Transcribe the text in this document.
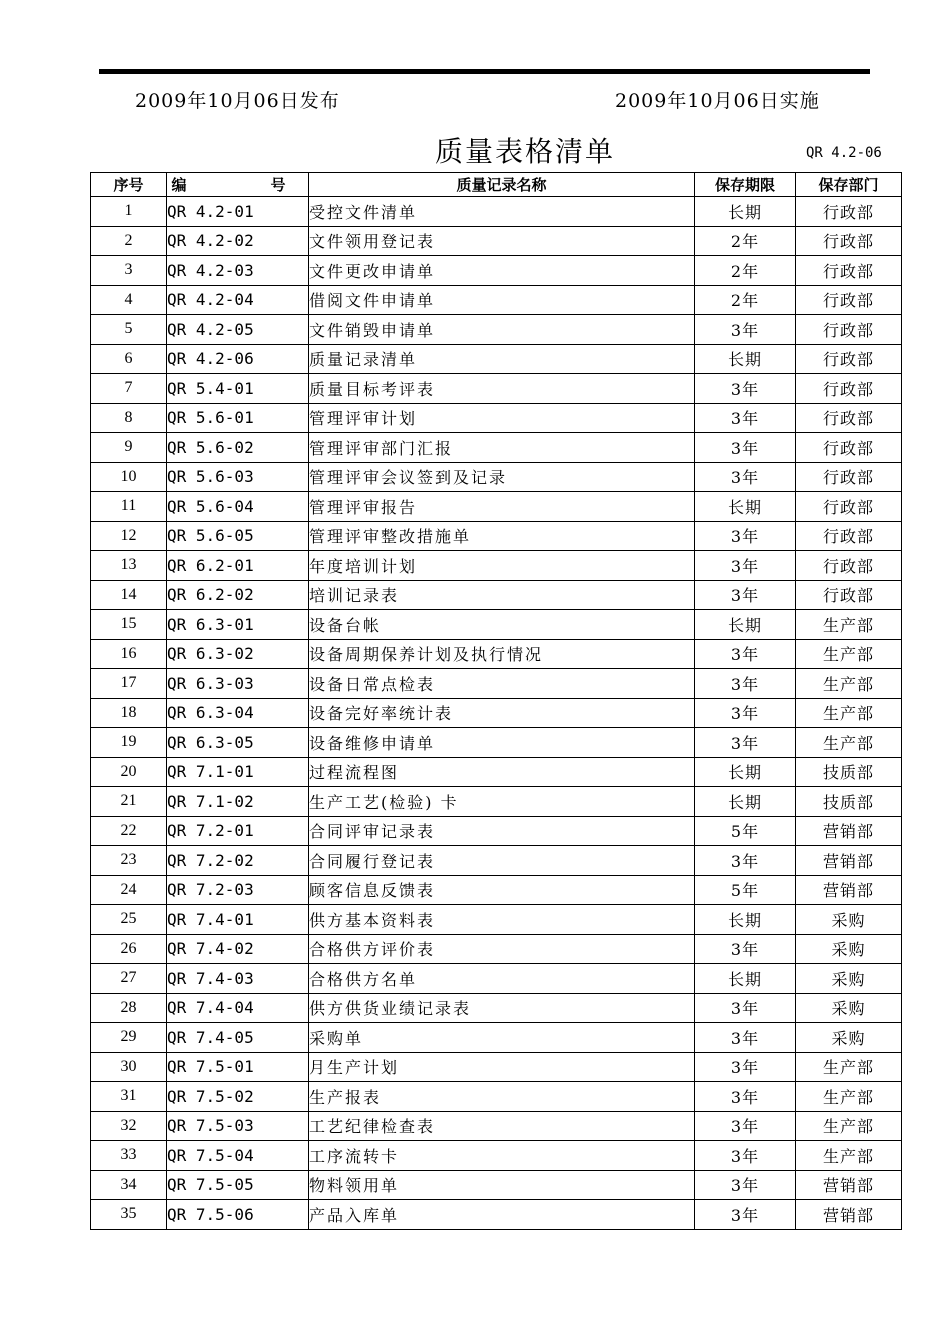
2009年10月06日发布	2009年10月06日实施
质量表格清单	QR 4.2-06
序号	编　　号	质量记录名称	保存期限	保存部门
1	QR 4.2-01	受控文件清单	长期	行政部
2	QR 4.2-02	文件领用登记表	2年	行政部
3	QR 4.2-03	文件更改申请单	2年	行政部
4	QR 4.2-04	借阅文件申请单	2年	行政部
5	QR 4.2-05	文件销毁申请单	3年	行政部
6	QR 4.2-06	质量记录清单	长期	行政部
7	QR 5.4-01	质量目标考评表	3年	行政部
8	QR 5.6-01	管理评审计划	3年	行政部
9	QR 5.6-02	管理评审部门汇报	3年	行政部
10	QR 5.6-03	管理评审会议签到及记录	3年	行政部
11	QR 5.6-04	管理评审报告	长期	行政部
12	QR 5.6-05	管理评审整改措施单	3年	行政部
13	QR 6.2-01	年度培训计划	3年	行政部
14	QR 6.2-02	培训记录表	3年	行政部
15	QR 6.3-01	设备台帐	长期	生产部
16	QR 6.3-02	设备周期保养计划及执行情况	3年	生产部
17	QR 6.3-03	设备日常点检表	3年	生产部
18	QR 6.3-04	设备完好率统计表	3年	生产部
19	QR 6.3-05	设备维修申请单	3年	生产部
20	QR 7.1-01	过程流程图	长期	技质部
21	QR 7.1-02	生产工艺(检验) 卡	长期	技质部
22	QR 7.2-01	合同评审记录表	5年	营销部
23	QR 7.2-02	合同履行登记表	3年	营销部
24	QR 7.2-03	顾客信息反馈表	5年	营销部
25	QR 7.4-01	供方基本资料表	长期	采购
26	QR 7.4-02	合格供方评价表	3年	采购
27	QR 7.4-03	合格供方名单	长期	采购
28	QR 7.4-04	供方供货业绩记录表	3年	采购
29	QR 7.4-05	采购单	3年	采购
30	QR 7.5-01	月生产计划	3年	生产部
31	QR 7.5-02	生产报表	3年	生产部
32	QR 7.5-03	工艺纪律检查表	3年	生产部
33	QR 7.5-04	工序流转卡	3年	生产部
34	QR 7.5-05	物料领用单	3年	营销部
35	QR 7.5-06	产品入库单	3年	营销部
